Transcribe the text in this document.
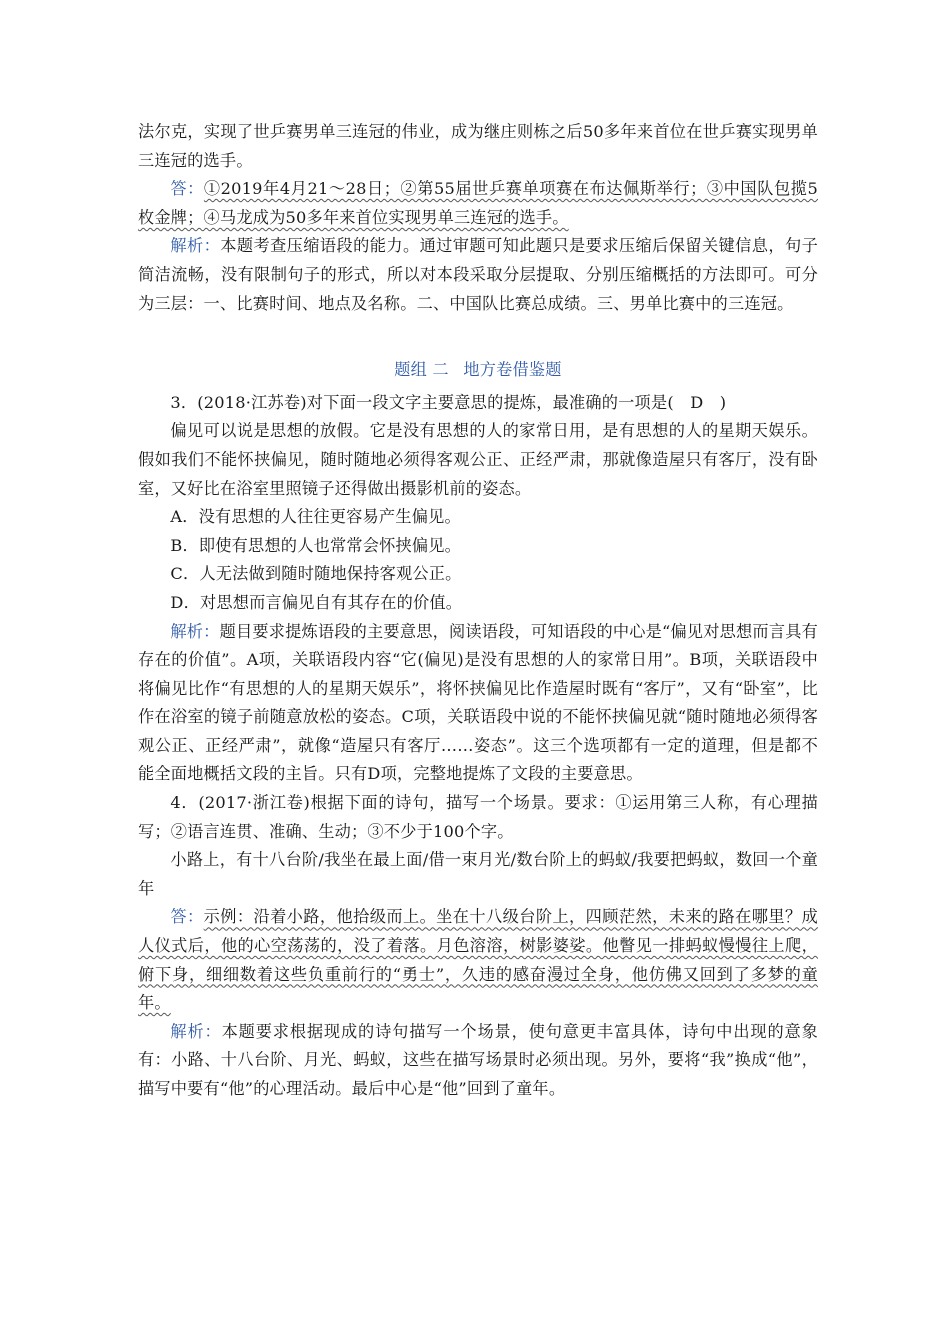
法尔克，实现了世乒赛男单三连冠的伟业，成为继庄则栋之后50多年来首位在世乒赛实现男单三连冠的选手。

答：①2019年4月21～28日；②第55届世乒赛单项赛在布达佩斯举行；③中国队包揽5枚金牌；④马龙成为50多年来首位实现男单三连冠的选手。

解析：本题考查压缩语段的能力。通过审题可知此题只是要求压缩后保留关键信息，句子简洁流畅，没有限制句子的形式，所以对本段采取分层提取、分别压缩概括的方法即可。可分为三层：一、比赛时间、地点及名称。二、中国队比赛总成绩。三、男单比赛中的三连冠。

题组 二 地方卷借鉴题

3．(2018·江苏卷)对下面一段文字主要意思的提炼，最准确的一项是(　D　)

偏见可以说是思想的放假。它是没有思想的人的家常日用，是有思想的人的星期天娱乐。假如我们不能怀挟偏见，随时随地必须得客观公正、正经严肃，那就像造屋只有客厅，没有卧室，又好比在浴室里照镜子还得做出摄影机前的姿态。

A．没有思想的人往往更容易产生偏见。

B．即使有思想的人也常常会怀挟偏见。

C．人无法做到随时随地保持客观公正。

D．对思想而言偏见自有其存在的价值。

解析：题目要求提炼语段的主要意思，阅读语段，可知语段的中心是“偏见对思想而言具有存在的价值”。A项，关联语段内容“它(偏见)是没有思想的人的家常日用”。B项，关联语段中将偏见比作“有思想的人的星期天娱乐”，将怀挟偏见比作造屋时既有“客厅”，又有“卧室”，比作在浴室的镜子前随意放松的姿态。C项，关联语段中说的不能怀挟偏见就“随时随地必须得客观公正、正经严肃”，就像“造屋只有客厅……姿态”。这三个选项都有一定的道理，但是都不能全面地概括文段的主旨。只有D项，完整地提炼了文段的主要意思。

4．(2017·浙江卷)根据下面的诗句，描写一个场景。要求：①运用第三人称，有心理描写；②语言连贯、准确、生动；③不少于100个字。

小路上，有十八台阶/我坐在最上面/借一束月光/数台阶上的蚂蚁/我要把蚂蚁，数回一个童年

答：示例：沿着小路，他拾级而上。坐在十八级台阶上，四顾茫然，未来的路在哪里？成人仪式后，他的心空荡荡的，没了着落。月色溶溶，树影婆娑。他瞥见一排蚂蚁慢慢往上爬，俯下身，细细数着这些负重前行的“勇士”，久违的感奋漫过全身，他仿佛又回到了多梦的童年。

解析：本题要求根据现成的诗句描写一个场景，使句意更丰富具体，诗句中出现的意象有：小路、十八台阶、月光、蚂蚁，这些在描写场景时必须出现。另外，要将“我”换成“他”，描写中要有“他”的心理活动。最后中心是“他”回到了童年。
